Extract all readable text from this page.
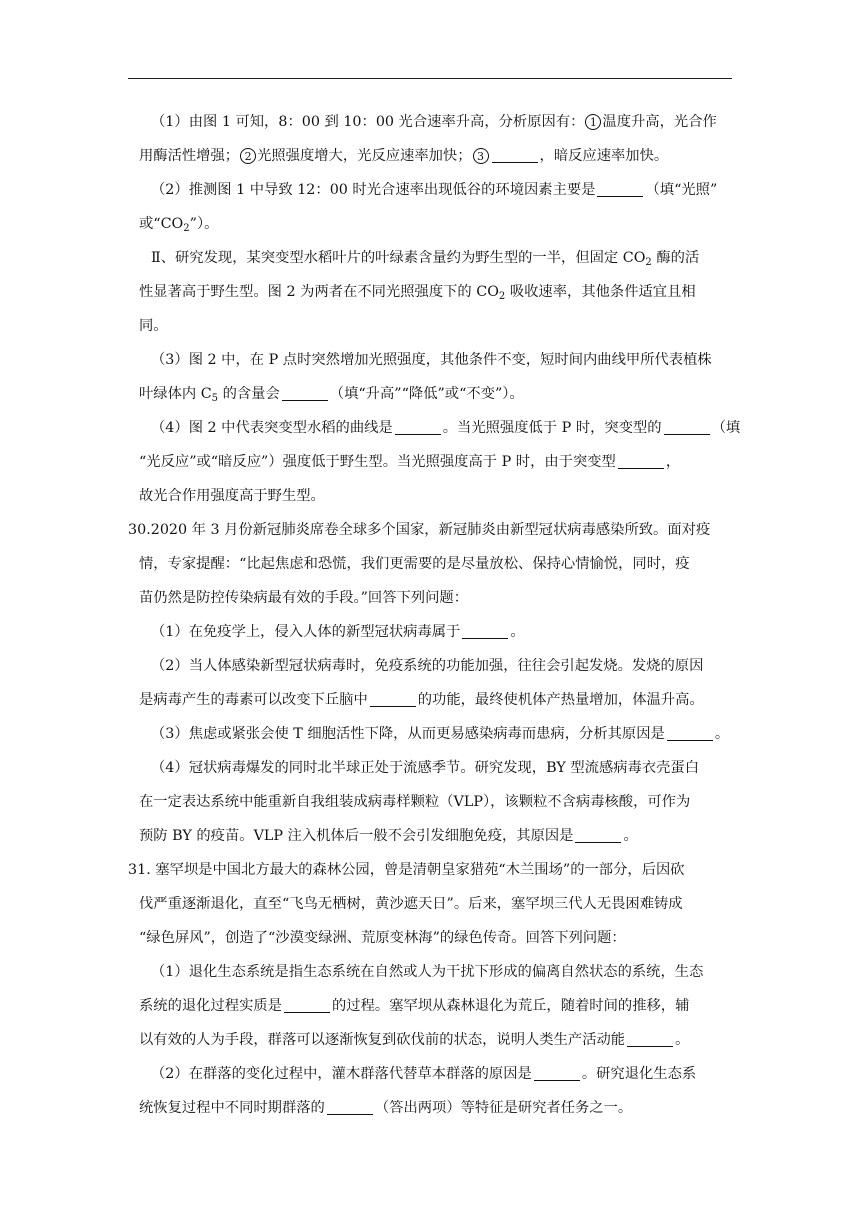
（1）由图 1 可知，8：00 到 10：00 光合速率升高，分析原因有： 1 温度升高，光合作
用酶活性增强； 2 光照强度增大，光反应速率加快； 3	，暗反应速率加快。
（2）推测图 1 中导致 12：00 时光合速率出现低谷的环境因素主要是	（填“光照”
或“$CO_2$”）。
Ⅱ、研究发现，某突变型水稻叶片的叶绿素含量约为野生型的一半，但固定 $CO_2$ 酶的活
性显著高于野生型。图 2 为两者在不同光照强度下的 $CO_2$ 吸收速率，其他条件适宜且相
同。
（3）图 2 中，在 P 点时突然增加光照强度，其他条件不变，短时间内曲线甲所代表植株
叶绿体内 $C_5$ 的含量会	（填“升高”“降低”或“不变”）。
（4）图 2 中代表突变型水稻的曲线是	。当光照强度低于 P 时，突变型的	（填
“光反应”或“暗反应”）强度低于野生型。当光照强度高于 P 时，由于突变型	，
故光合作用强度高于野生型。
30.2020 年 3 月份新冠肺炎席卷全球多个国家，新冠肺炎由新型冠状病毒感染所致。面对疫
情，专家提醒：“比起焦虑和恐慌，我们更需要的是尽量放松、保持心情愉悦，同时，疫
苗仍然是防控传染病最有效的手段。”回答下列问题：
（1）在免疫学上，侵入人体的新型冠状病毒属于	。
（2）当人体感染新型冠状病毒时，免疫系统的功能加强，往往会引起发烧。发烧的原因
是病毒产生的毒素可以改变下丘脑中	的功能，最终使机体产热量增加，体温升高。
（3）焦虑或紧张会使 T 细胞活性下降，从而更易感染病毒而患病，分析其原因是	。
（4）冠状病毒爆发的同时北半球正处于流感季节。研究发现，BY 型流感病毒衣壳蛋白
在一定表达系统中能重新自我组装成病毒样颗粒（VLP），该颗粒不含病毒核酸，可作为
预防 BY 的疫苗。VLP 注入机体后一般不会引发细胞免疫，其原因是	。
31. 塞罕坝是中国北方最大的森林公园，曾是清朝皇家猎苑“木兰围场”的一部分，后因砍
伐严重逐渐退化，直至“飞鸟无栖树，黄沙遮天日”。后来，塞罕坝三代人无畏困难铸成
“绿色屏风”，创造了“沙漠变绿洲、荒原变林海”的绿色传奇。回答下列问题：
（1）退化生态系统是指生态系统在自然或人为干扰下形成的偏离自然状态的系统，生态
系统的退化过程实质是	的过程。塞罕坝从森林退化为荒丘，随着时间的推移，辅
以有效的人为手段，群落可以逐渐恢复到砍伐前的状态，说明人类生产活动能	。
（2）在群落的变化过程中，灌木群落代替草本群落的原因是	。研究退化生态系
统恢复过程中不同时期群落的	（答出两项）等特征是研究者任务之一。
